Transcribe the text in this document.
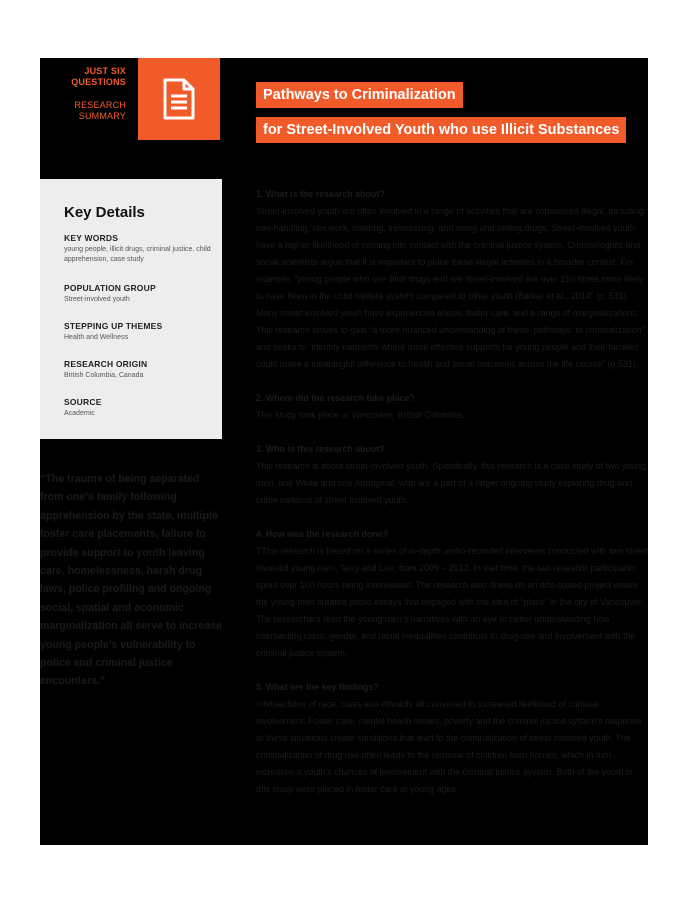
JUST SIX
QUESTIONS
RESEARCH
SUMMARY
Pathways to Criminalization
for Street-Involved Youth who use Illicit Substances
Key Details
KEY WORDS
young people, illicit drugs, criminal justice, child apprehension, case study
POPULATION GROUP
Street-involved youth
STEPPING UP THEMES
Health and Wellness
RESEARCH ORIGIN
British Columbia, Canada
SOURCE
Academic
“The trauma of being separated from one’s family following apprehension by the state, multiple foster care placements, failure to provide support to youth leaving care, homelessness, harsh drug laws, police profiling and ongoing social, spatial and economic marginalization all serve to increase young people’s vulnerability to police and criminal justice encounters.”
1. What is the research about?
Street-involved youth are often involved in a range of activities that are considered illegal, including: pan-handling, sex work, loitering, trespassing, and using and selling drugs. Street-involved youth have a higher likelihood of coming into contact with the criminal justice system. Criminologists and social scientists argue that it is important to place these illegal activities in a broader context. For example, “young people who use illicit drugs and are street-involved are over 150 times more likely to have been in the child welfare system compared to other youth (Barker et al., 2014” (p. 531). Many street-involved youth have experienced abuse, foster care, and a range of marginalizations. This research strives to gain “a more nuanced understanding of these ‘pathways’ to criminalization” and seeks to “identify moments where more effective supports for young people and their families could make a meaningful difference to health and social outcomes across the life course” (p.531).
2. Where did the research take place?
This study took place in Vancouver, British Columbia.
3. Who is this research about?
This research is about street-involved youth. Specifically, this research is a case study of two young men, one White and one Aboriginal, who are a part of a larger ongoing study exploring drug and crime patterns of street involved youth.
4. How was the research done?
TThis research is based on a series of in-depth audio-recorded interviews conducted with two street involved young men, Terry and Lee, from 2009 – 2012. In that time, the two research participants spent over 100 hours being interviewed. The research also draws on an arts-based project where the young men created photo essays that engaged with the idea of “place” in the city of Vancouver. The researchers read the young men’s narratives with an eye to better understanding how intersecting class, gender, and racial inequalities contribute to drug-use and involvement with the criminal justice system.
5. What are the key findings?
Intersections of race, class and ethnicity all convened to increased likelihood of criminal involvement. Foster care, mental health issues, poverty and the criminal justice system’s response to these situations create conditions that lead to the criminalization of street involved youth. The criminalization of drug use often leads to the removal of children from homes, which in turn increases a youth’s chances of involvement with the criminal justice system. Both of the youth in this study were placed in foster care at young ages,
